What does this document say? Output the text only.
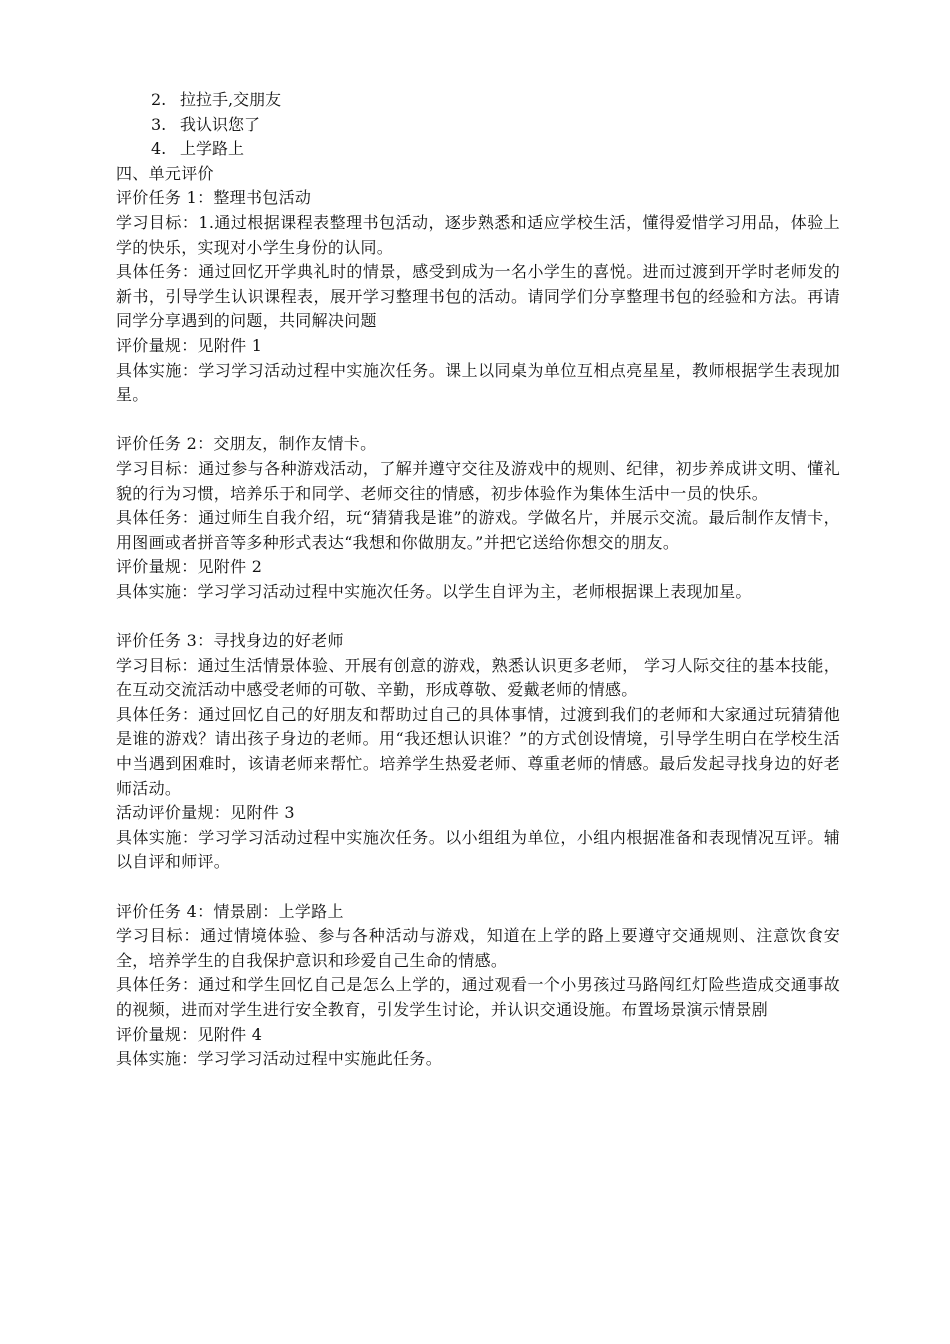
2. 拉拉手,交朋友
3. 我认识您了
4. 上学路上

四、单元评价

评价任务 1：整理书包活动

学习目标：1.通过根据课程表整理书包活动，逐步熟悉和适应学校生活，懂得爱惜学习用品，体验上学的快乐，实现对小学生身份的认同。

具体任务：通过回忆开学典礼时的情景，感受到成为一名小学生的喜悦。进而过渡到开学时老师发的新书，引导学生认识课程表，展开学习整理书包的活动。请同学们分享整理书包的经验和方法。再请同学分享遇到的问题，共同解决问题

评价量规：见附件 1

具体实施：学习学习活动过程中实施次任务。课上以同桌为单位互相点亮星星，教师根据学生表现加星。

评价任务 2：交朋友，制作友情卡。

学习目标：通过参与各种游戏活动，了解并遵守交往及游戏中的规则、纪律，初步养成讲文明、懂礼貌的行为习惯，培养乐于和同学、老师交往的情感，初步体验作为集体生活中一员的快乐。

具体任务：通过师生自我介绍，玩“猜猜我是谁”的游戏。学做名片，并展示交流。最后制作友情卡，用图画或者拼音等多种形式表达“我想和你做朋友。”并把它送给你想交的朋友。

评价量规：见附件 2

具体实施：学习学习活动过程中实施次任务。以学生自评为主，老师根据课上表现加星。

评价任务 3：寻找身边的好老师

学习目标：通过生活情景体验、开展有创意的游戏，熟悉认识更多老师， 学习人际交往的基本技能，在互动交流活动中感受老师的可敬、辛勤，形成尊敬、爱戴老师的情感。

具体任务：通过回忆自己的好朋友和帮助过自己的具体事情，过渡到我们的老师和大家通过玩猜猜他是谁的游戏？请出孩子身边的老师。用“我还想认识谁？”的方式创设情境，引导学生明白在学校生活中当遇到困难时，该请老师来帮忙。培养学生热爱老师、尊重老师的情感。最后发起寻找身边的好老师活动。

活动评价量规：见附件 3

具体实施：学习学习活动过程中实施次任务。以小组组为单位，小组内根据准备和表现情况互评。辅以自评和师评。

评价任务 4：情景剧：上学路上

学习目标：通过情境体验、参与各种活动与游戏，知道在上学的路上要遵守交通规则、注意饮食安全，培养学生的自我保护意识和珍爱自己生命的情感。

具体任务：通过和学生回忆自己是怎么上学的，通过观看一个小男孩过马路闯红灯险些造成交通事故的视频，进而对学生进行安全教育，引发学生讨论，并认识交通设施。布置场景演示情景剧

评价量规：见附件 4

具体实施：学习学习活动过程中实施此任务。
